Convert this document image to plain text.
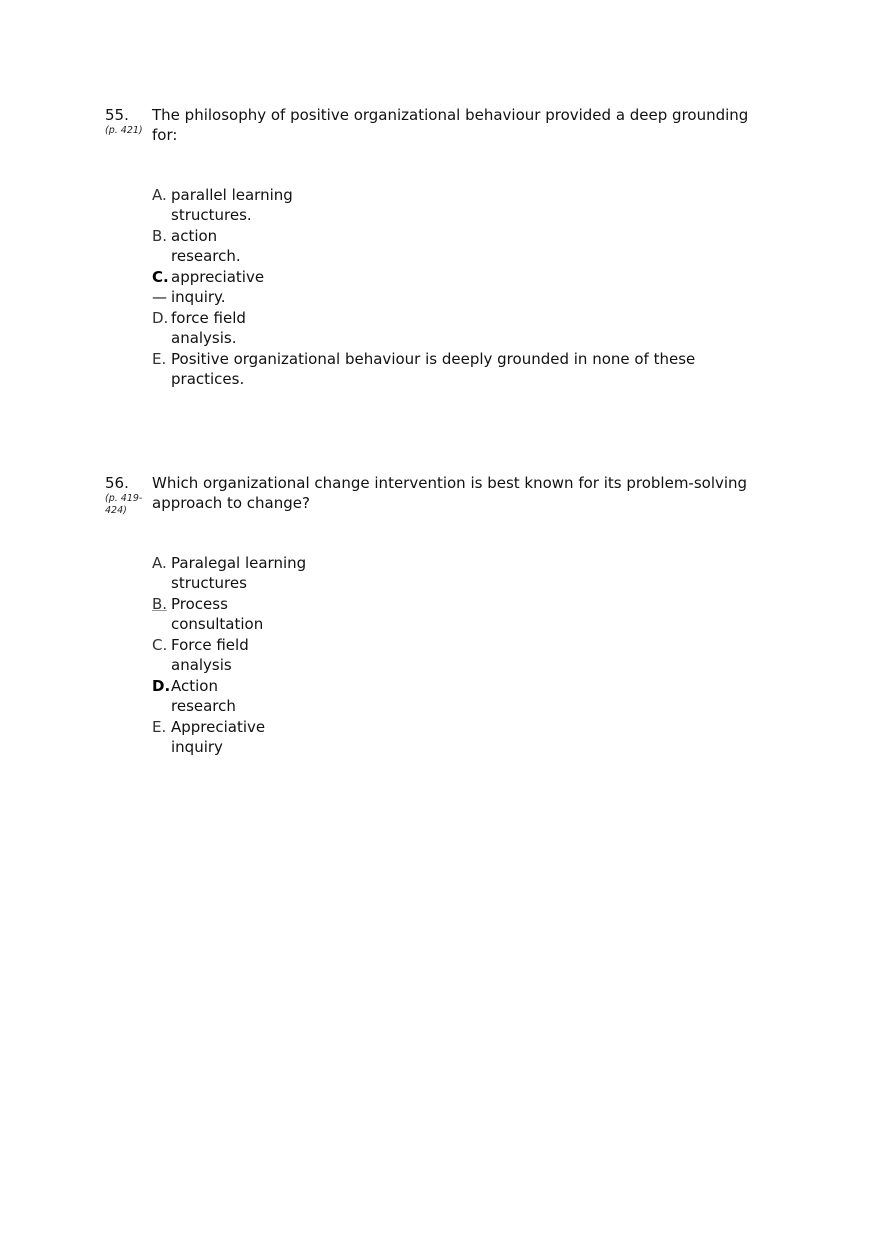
55.
(p. 421)
The philosophy of positive organizational behaviour provided a deep grounding
for:
A. parallel learning
structures.
B. action
research.
C. appreciative
inquiry.
—
D. force field
analysis.
E. Positive organizational behaviour is deeply grounded in none of these
practices.
56.
(p. 419-
424)
Which organizational change intervention is best known for its problem-solving
approach to change?
A. Paralegal learning
structures
B. Process
consultation
C. Force field
analysis
D. Action
research
E. Appreciative
inquiry
